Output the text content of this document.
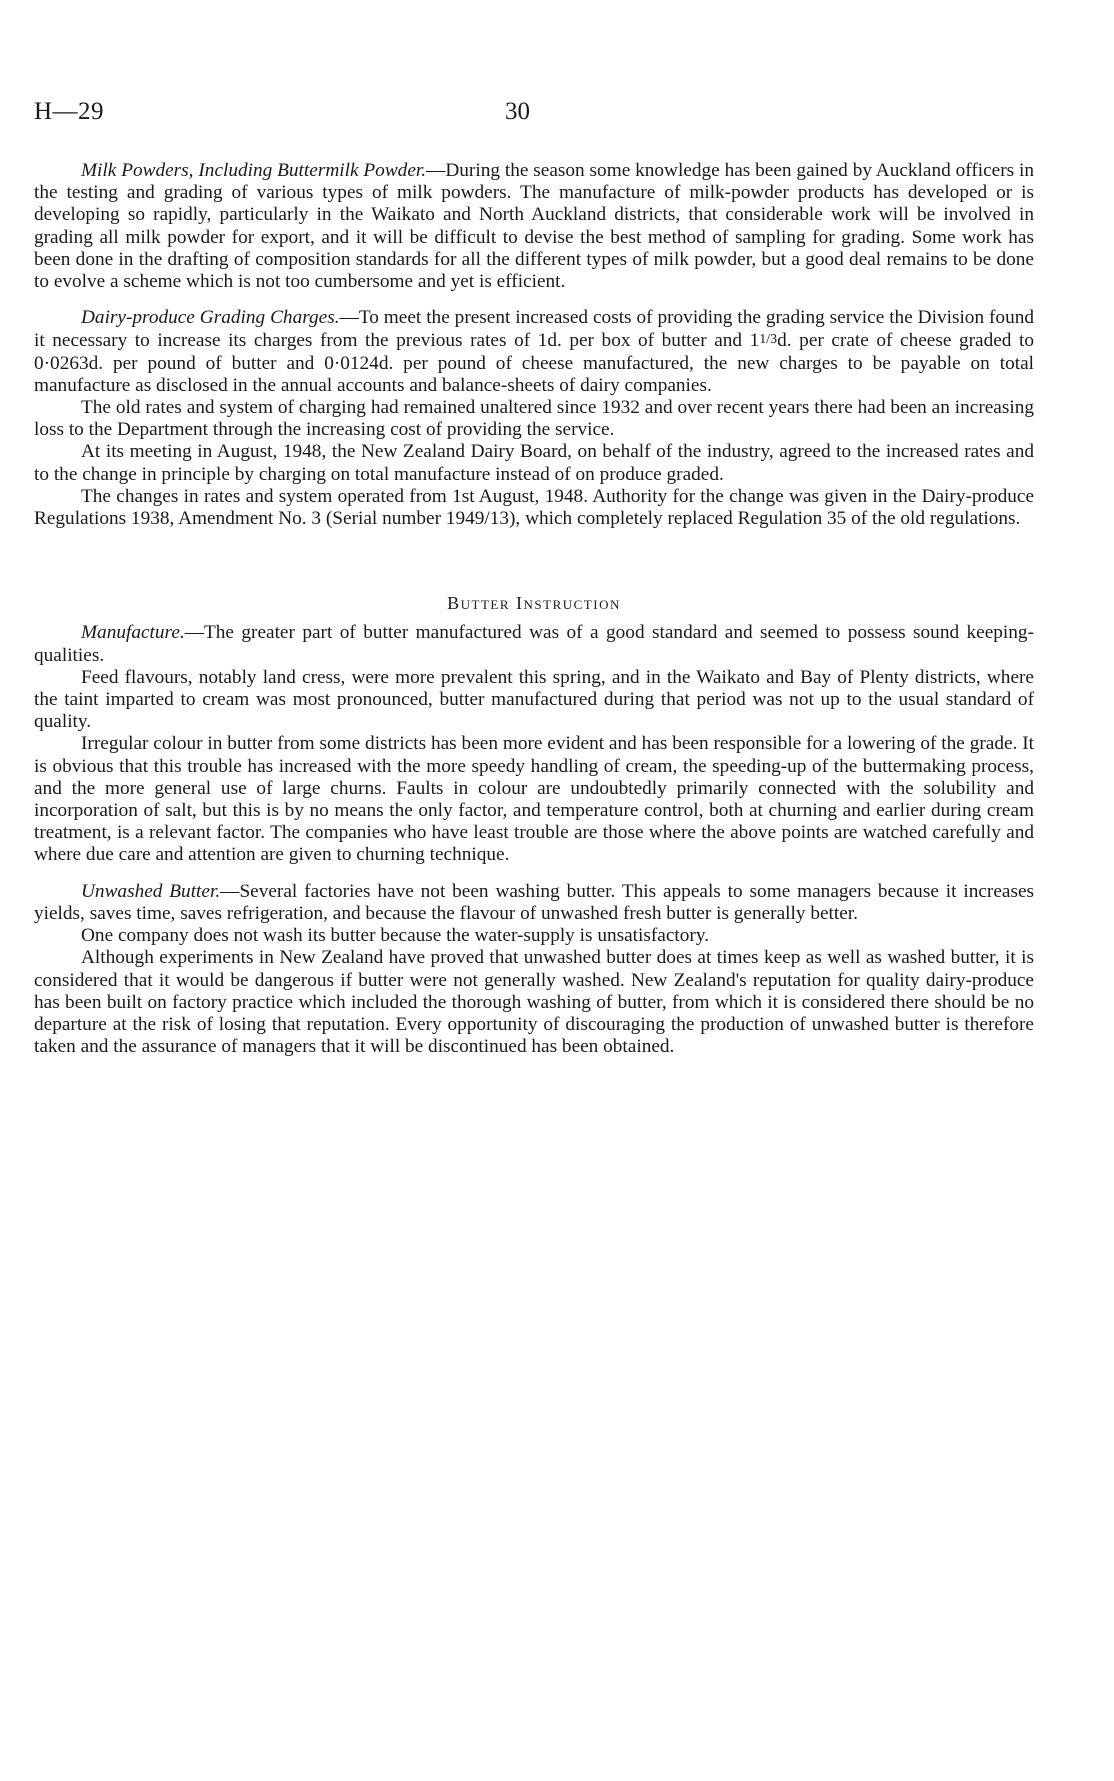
H—29	30

Milk Powders, Including Buttermilk Powder.—During the season some knowledge has been gained by Auckland officers in the testing and grading of various types of milk powders. The manufacture of milk-powder products has developed or is developing so rapidly, particularly in the Waikato and North Auckland districts, that considerable work will be involved in grading all milk powder for export, and it will be difficult to devise the best method of sampling for grading. Some work has been done in the drafting of composition standards for all the different types of milk powder, but a good deal remains to be done to evolve a scheme which is not too cumbersome and yet is efficient.

Dairy-produce Grading Charges.—To meet the present increased costs of providing the grading service the Division found it necessary to increase its charges from the previous rates of 1d. per box of butter and 11/3d. per crate of cheese graded to 0·0263d. per pound of butter and 0·0124d. per pound of cheese manufactured, the new charges to be payable on total manufacture as disclosed in the annual accounts and balance-sheets of dairy companies.

The old rates and system of charging had remained unaltered since 1932 and over recent years there had been an increasing loss to the Department through the increasing cost of providing the service.

At its meeting in August, 1948, the New Zealand Dairy Board, on behalf of the industry, agreed to the increased rates and to the change in principle by charging on total manufacture instead of on produce graded.

The changes in rates and system operated from 1st August, 1948. Authority for the change was given in the Dairy-produce Regulations 1938, Amendment No. 3 (Serial number 1949/13), which completely replaced Regulation 35 of the old regulations.

Butter Instruction

Manufacture.—The greater part of butter manufactured was of a good standard and seemed to possess sound keeping-qualities.

Feed flavours, notably land cress, were more prevalent this spring, and in the Waikato and Bay of Plenty districts, where the taint imparted to cream was most pronounced, butter manufactured during that period was not up to the usual standard of quality.

Irregular colour in butter from some districts has been more evident and has been responsible for a lowering of the grade. It is obvious that this trouble has increased with the more speedy handling of cream, the speeding-up of the buttermaking process, and the more general use of large churns. Faults in colour are undoubtedly primarily connected with the solubility and incorporation of salt, but this is by no means the only factor, and temperature control, both at churning and earlier during cream treatment, is a relevant factor. The companies who have least trouble are those where the above points are watched carefully and where due care and attention are given to churning technique.

Unwashed Butter.—Several factories have not been washing butter. This appeals to some managers because it increases yields, saves time, saves refrigeration, and because the flavour of unwashed fresh butter is generally better.

One company does not wash its butter because the water-supply is unsatisfactory.

Although experiments in New Zealand have proved that unwashed butter does at times keep as well as washed butter, it is considered that it would be dangerous if butter were not generally washed. New Zealand's reputation for quality dairy-produce has been built on factory practice which included the thorough washing of butter, from which it is considered there should be no departure at the risk of losing that reputation. Every opportunity of discouraging the production of unwashed butter is therefore taken and the assurance of managers that it will be discontinued has been obtained.
